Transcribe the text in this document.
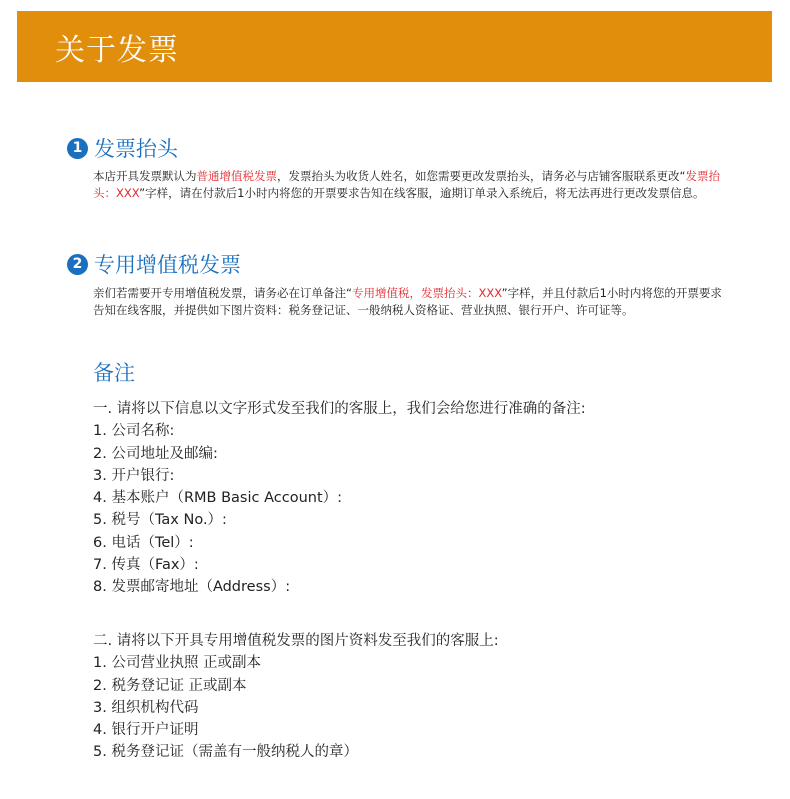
关于发票
1 发票抬头
本店开具发票默认为普通增值税发票，发票抬头为收货人姓名，如您需要更改发票抬头，请务必与店铺客服联系更改“发票抬头：XXX”字样，请在付款后1小时内将您的开票要求告知在线客服，逾期订单录入系统后，将无法再进行更改发票信息。
2 专用增值税发票
亲们若需要开专用增值税发票，请务必在订单备注“专用增值税，发票抬头：XXX”字样，并且付款后1小时内将您的开票要求告知在线客服，并提供如下图片资料：税务登记证、一般纳税人资格证、营业执照、银行开户、许可证等。
备注
一. 请将以下信息以文字形式发至我们的客服上，我们会给您进行准确的备注:
1. 公司名称:
2. 公司地址及邮编:
3. 开户银行:
4. 基本账户（RMB Basic Account）:
5. 税号（Tax No.）:
6. 电话（Tel）:
7. 传真（Fax）:
8. 发票邮寄地址（Address）:
二. 请将以下开具专用增值税发票的图片资料发至我们的客服上:
1. 公司营业执照 正或副本
2. 税务登记证 正或副本
3. 组织机构代码
4. 银行开户证明
5. 税务登记证（需盖有一般纳税人的章）
